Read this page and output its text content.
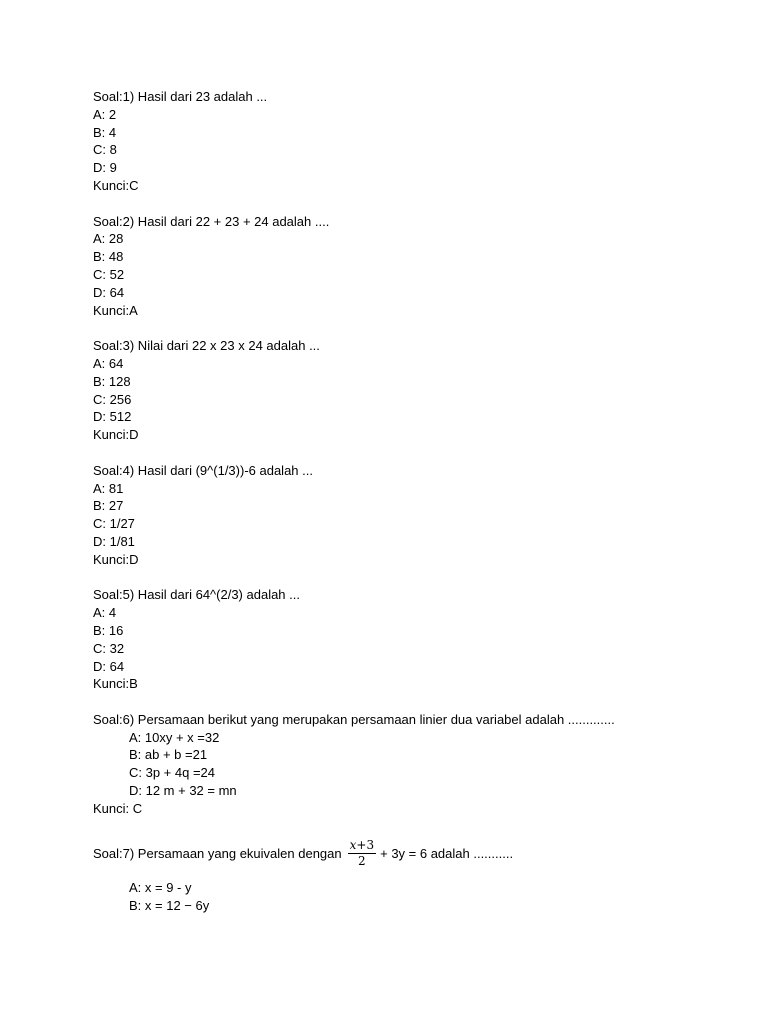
Soal:1) Hasil dari 23 adalah ...
A: 2
B: 4
C: 8
D: 9
Kunci:C
Soal:2) Hasil dari 22 + 23 + 24 adalah ....
A: 28
B: 48
C: 52
D: 64
Kunci:A
Soal:3) Nilai dari 22 x 23 x 24 adalah ...
A: 64
B: 128
C: 256
D: 512
Kunci:D
Soal:4) Hasil dari (9^(1/3))-6 adalah ...
A: 81
B: 27
C: 1/27
D: 1/81
Kunci:D
Soal:5) Hasil dari 64^(2/3) adalah ...
A: 4
B: 16
C: 32
D: 64
Kunci:B
Soal:6) Persamaan berikut yang merupakan persamaan linier dua variabel adalah .............
A: 10xy + x =32
B: ab + b =21
C: 3p + 4q =24
D: 12 m + 32 = mn
Kunci: C
Soal:7) Persamaan yang ekuivalen dengan $\frac{x+3}{2} + 3y = 6$ adalah ...........
A: x = 9 - y
B: x = 12 − 6y
